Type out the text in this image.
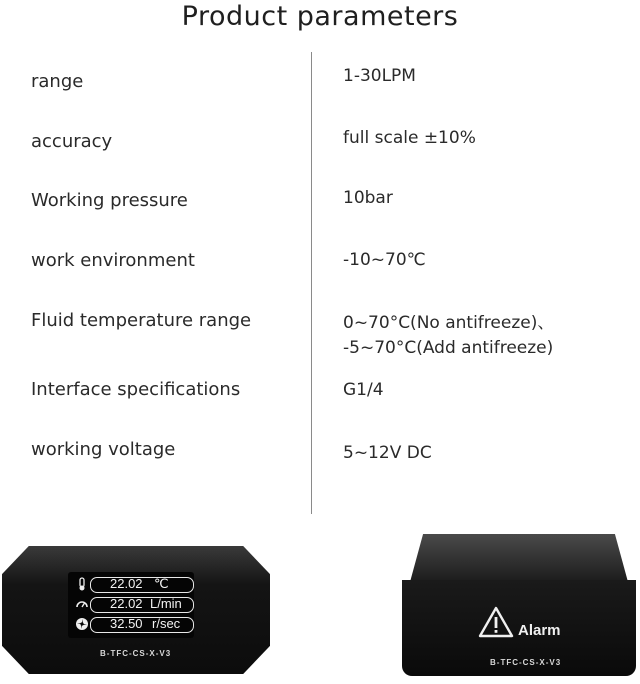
Product parameters
range	1-30LPM
accuracy	full scale ±10%
Working pressure	10bar
work environment	-10~70℃
Fluid temperature range	0~70°C(No antifreeze)、
-5~70°C(Add antifreeze)
Interface specifications	G1/4
working voltage	5~12V DC
22.02 ℃
22.02 L/min
32.50 r/sec
B-TFC-CS-X-V3
Alarm
B-TFC-CS-X-V3
